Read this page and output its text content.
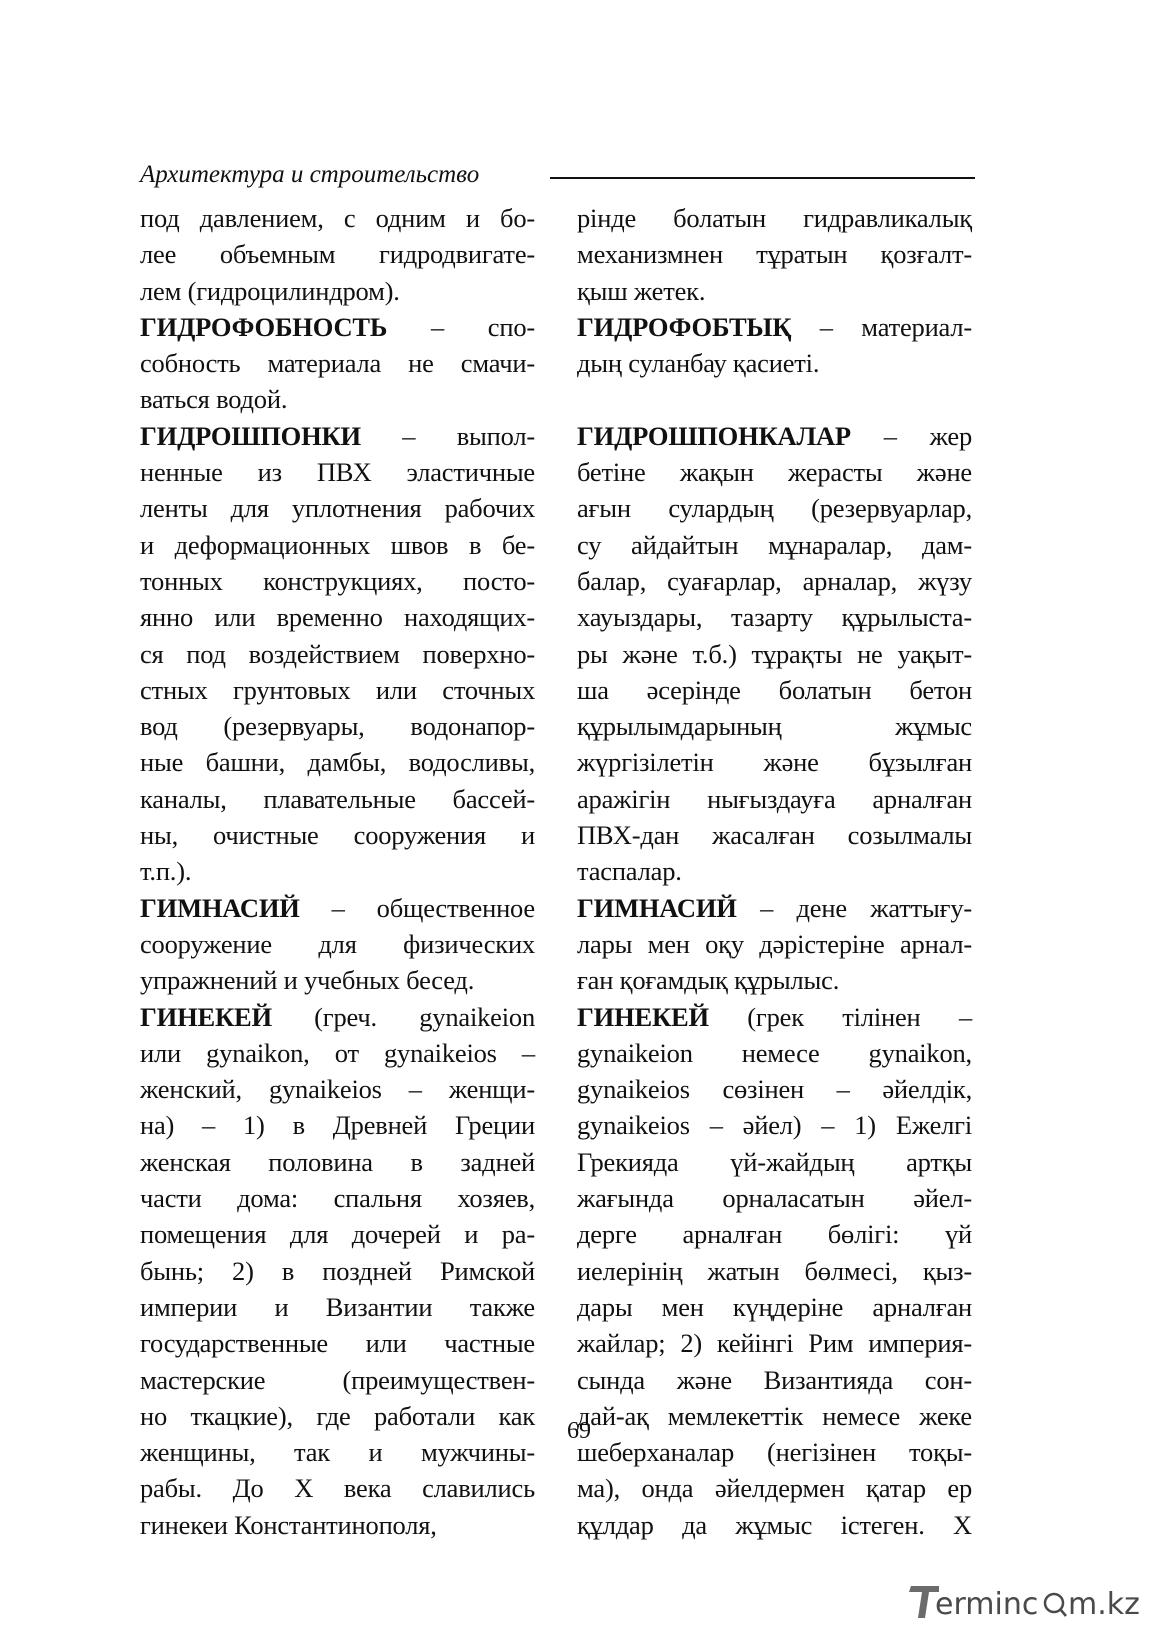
Архитектура и строительство
под давлением, с одним и бо-
лее объемным гидродвигате-
лем (гидроцилиндром).
ГИДРОФОБНОСТЬ – спо-
собность материала не смачи-
ваться водой.
ГИДРОШПОНКИ – выпол-
ненные из ПВХ эластичные
ленты для уплотнения рабочих
и деформационных швов в бе-
тонных конструкциях, посто-
янно или временно находящих-
ся под воздействием поверхно-
стных грунтовых или сточных
вод (резервуары, водонапор-
ные башни, дамбы, водосливы,
каналы, плавательные бассей-
ны, очистные сооружения и
т.п.).
ГИМНАСИЙ – общественное
сооружение для физических
упражнений и учебных бесед.
ГИНЕКЕЙ (греч. gynaikeion
или gynaikon, от gynaikeios –
женский, gynaikeios – женщи-
на) – 1) в Древней Греции
женская половина в задней
части дома: спальня хозяев,
помещения для дочерей и ра-
бынь; 2) в поздней Римской
империи и Византии также
государственные или частные
мастерские (преимуществен-
но ткацкие), где работали как
женщины, так и мужчины-
рабы. До X века славились
гинекеи Константинополя,
рінде болатын гидравликалық
механизмнен тұратын қозғалт-
қыш жетек.
ГИДРОФОБТЫҚ – материал-
дың суланбау қасиеті.
ГИДРОШПОНКАЛАР – жер
бетіне жақын жерасты және
ағын сулардың (резервуарлар,
су айдайтын мұнаралар, дам-
балар, суағарлар, арналар, жүзу
хауыздары, тазарту құрылыста-
ры және т.б.) тұрақты не уақыт-
ша әсерінде болатын бетон
құрылымдарының жұмыс
жүргізілетін және бұзылған
аражігін нығыздауға арналған
ПВХ-дан жасалған созылмалы
таспалар.
ГИМНАСИЙ – дене жаттығу-
лары мен оқу дәрістеріне арнал-
ған қоғамдық құрылыс.
ГИНЕКЕЙ (грек тілінен –
gynaikeion немесе gynaikon,
gynaikeios сөзінен – әйелдік,
gynaikeios – әйел) – 1) Ежелгі
Грекияда үй-жайдың артқы
жағында орналасатын әйел-
дерге арналған бөлігі: үй
иелерінің жатын бөлмесі, қыз-
дары мен күңдеріне арналған
жайлар; 2) кейінгі Рим империя-
сында және Византияда сон-
дай-ақ мемлекеттік немесе жеке
шеберханалар (негізінен тоқы-
ма), онда әйелдермен қатар ер
құлдар да жұмыс істеген. X
69
erminc m.kz
